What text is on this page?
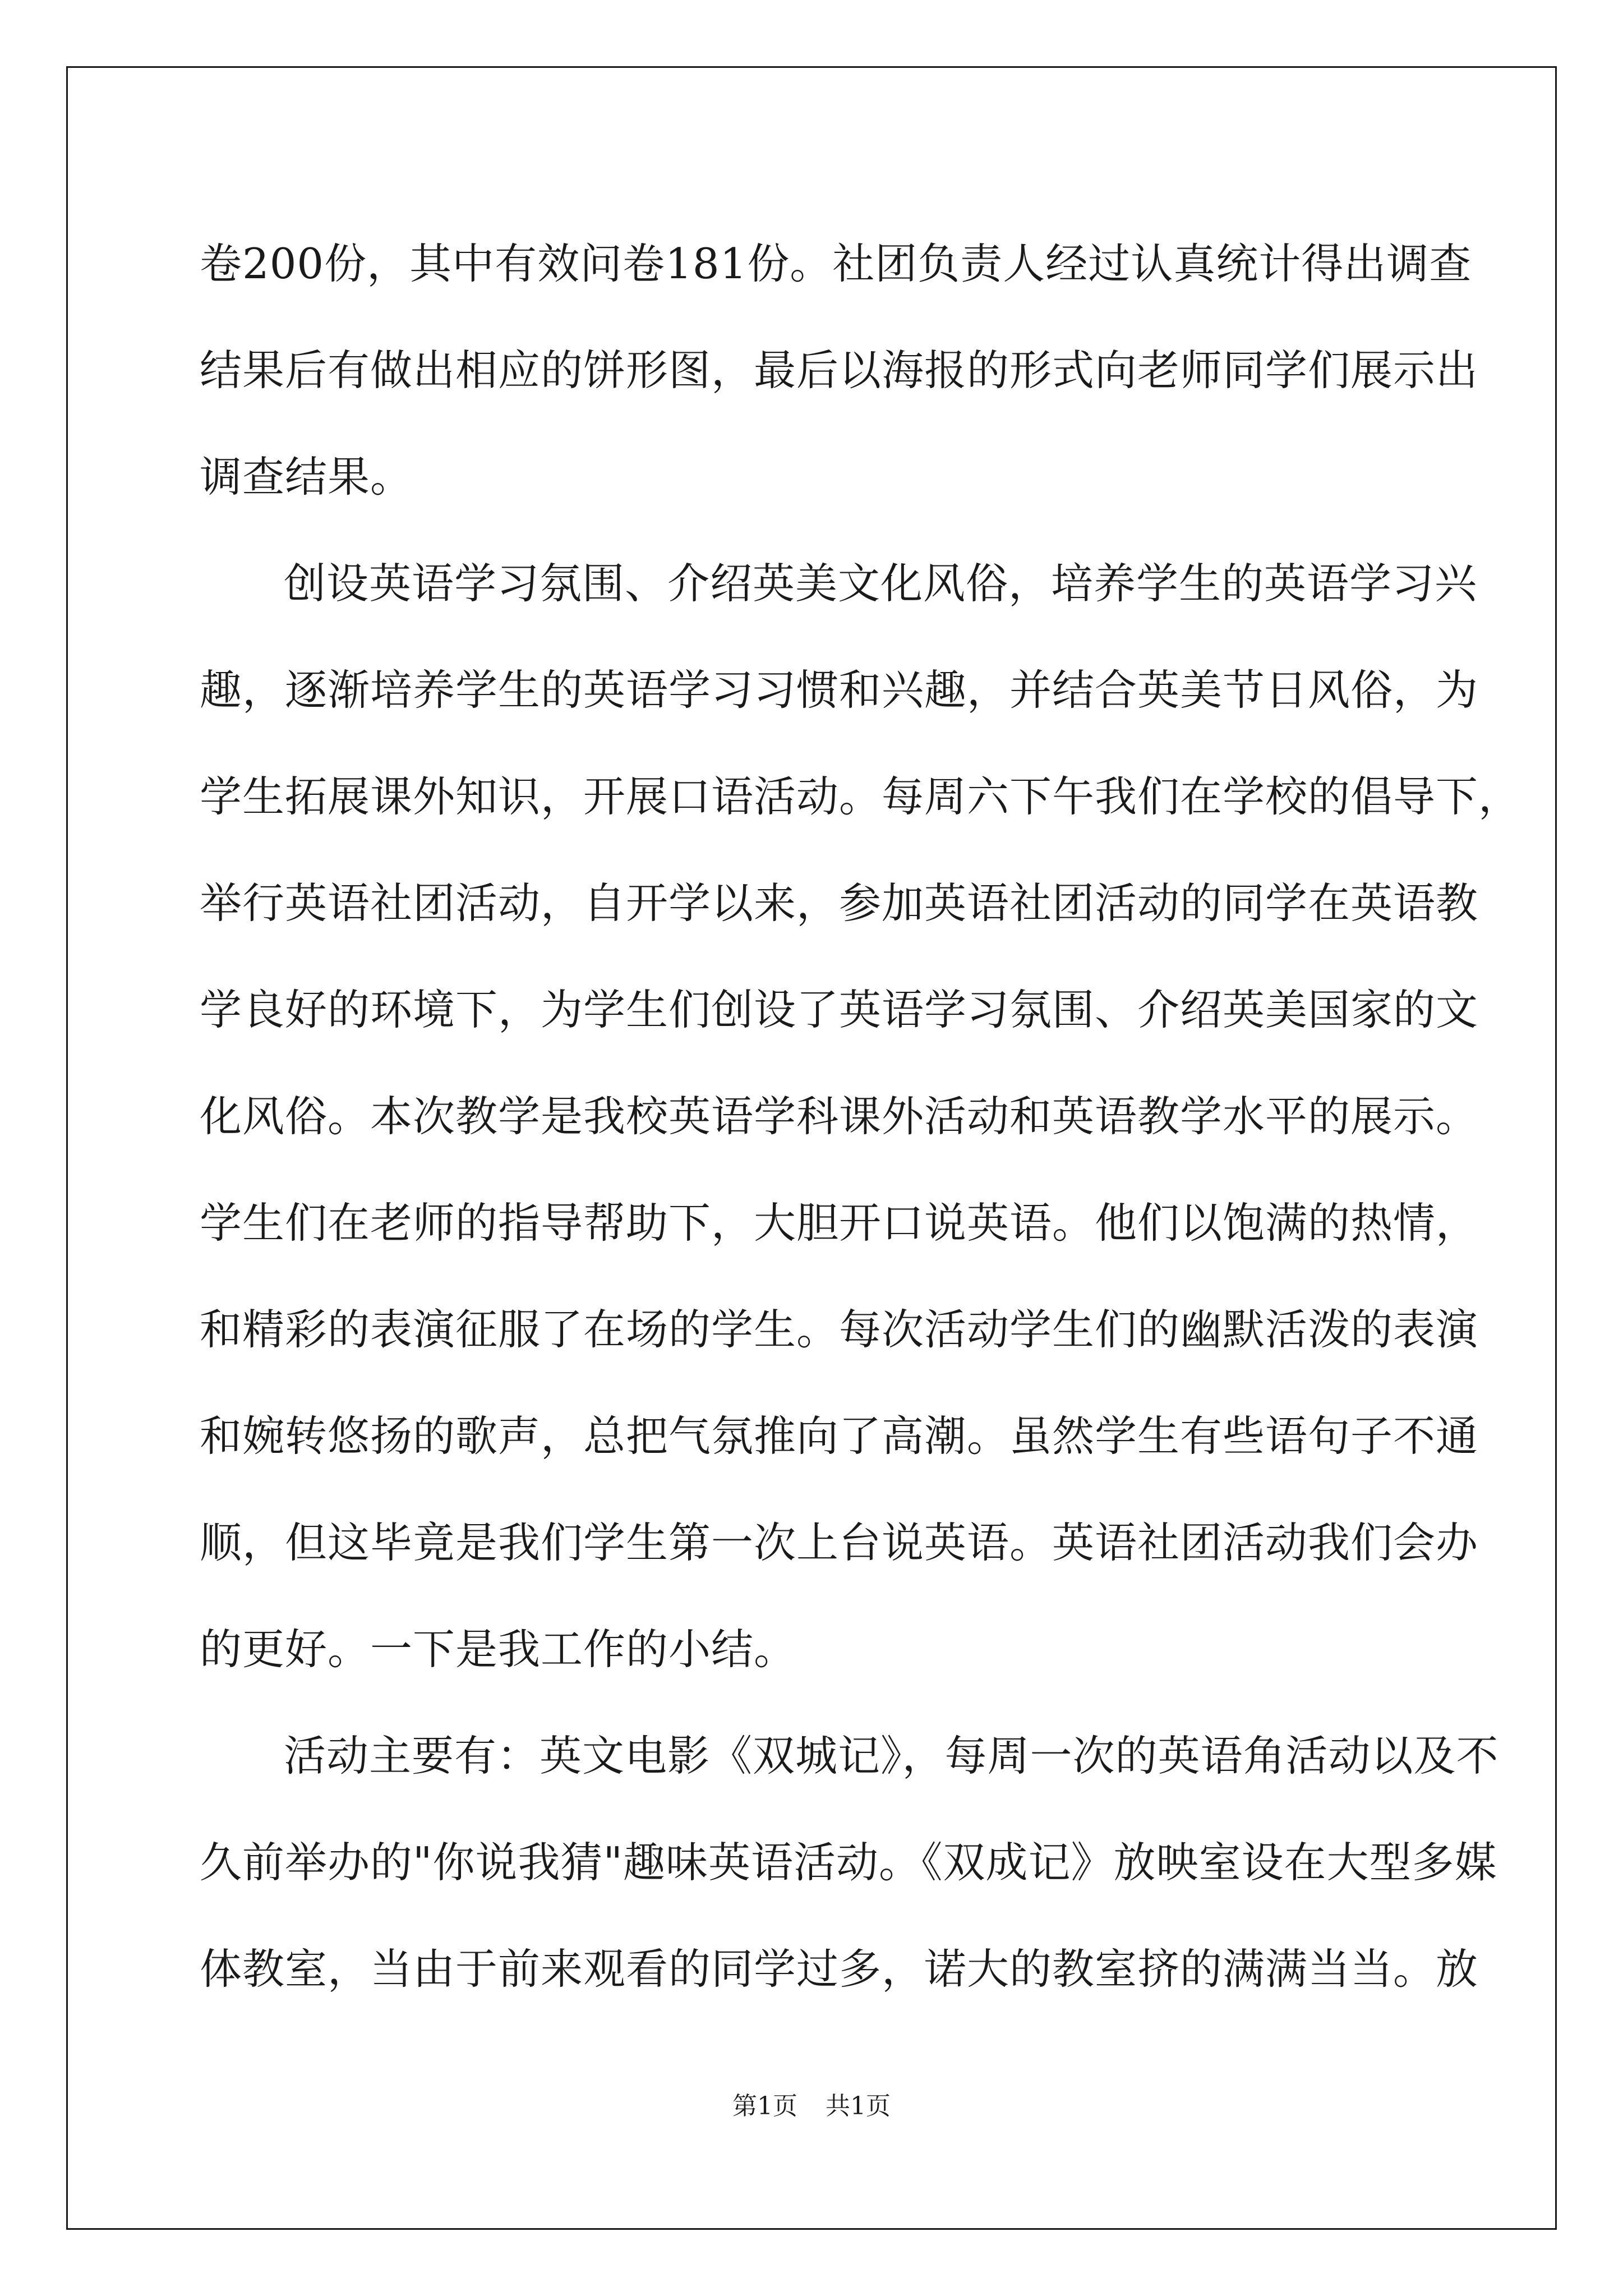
卷200份，其中有效问卷181份。社团负责人经过认真统计得出调查
结果后有做出相应的饼形图，最后以海报的形式向老师同学们展示出
调查结果。
创设英语学习氛围、介绍英美文化风俗，培养学生的英语学习兴
趣，逐渐培养学生的英语学习习惯和兴趣，并结合英美节日风俗，为
学生拓展课外知识，开展口语活动。每周六下午我们在学校的倡导下，
举行英语社团活动，自开学以来，参加英语社团活动的同学在英语教
学良好的环境下，为学生们创设了英语学习氛围、介绍英美国家的文
化风俗。本次教学是我校英语学科课外活动和英语教学水平的展示。
学生们在老师的指导帮助下，大胆开口说英语。他们以饱满的热情，
和精彩的表演征服了在场的学生。每次活动学生们的幽默活泼的表演
和婉转悠扬的歌声，总把气氛推向了高潮。虽然学生有些语句子不通
顺，但这毕竟是我们学生第一次上台说英语。英语社团活动我们会办
的更好。一下是我工作的小结。
活动主要有：英文电影《双城记》，每周一次的英语角活动以及不
久前举办的"你说我猜"趣味英语活动。《双成记》放映室设在大型多媒
体教室，当由于前来观看的同学过多，诺大的教室挤的满满当当。放
第1页 共1页
